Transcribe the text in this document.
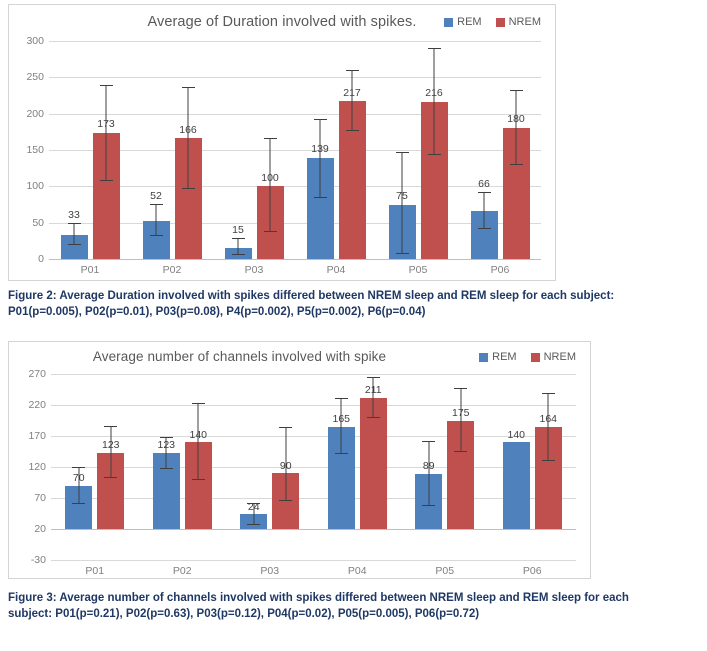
Average of Duration involved with spikes.	REM NREM
300
250
200
150
100
50
0
33
173
52
166
15
100
139
217
75
216
66
180
P01	P02	P03	P04	P05	P06
Figure 2: Average Duration involved with spikes differed between NREM sleep and REM sleep for each subject:
P01(p=0.005), P02(p=0.01), P03(p=0.08), P4(p=0.002), P5(p=0.002), P6(p=0.04)
Average number of channels involved with spike	REM NREM
270
220
170
120
70
20
-30
70
123	123
140
24
90
165
211
89
175
140
164
P01	P02	P03	P04	P05	P06
Figure 3: Average number of channels involved with spikes differed between NREM sleep and REM sleep for each
subject: P01(p=0.21), P02(p=0.63), P03(p=0.12), P04(p=0.02), P05(p=0.005), P06(p=0.72)
